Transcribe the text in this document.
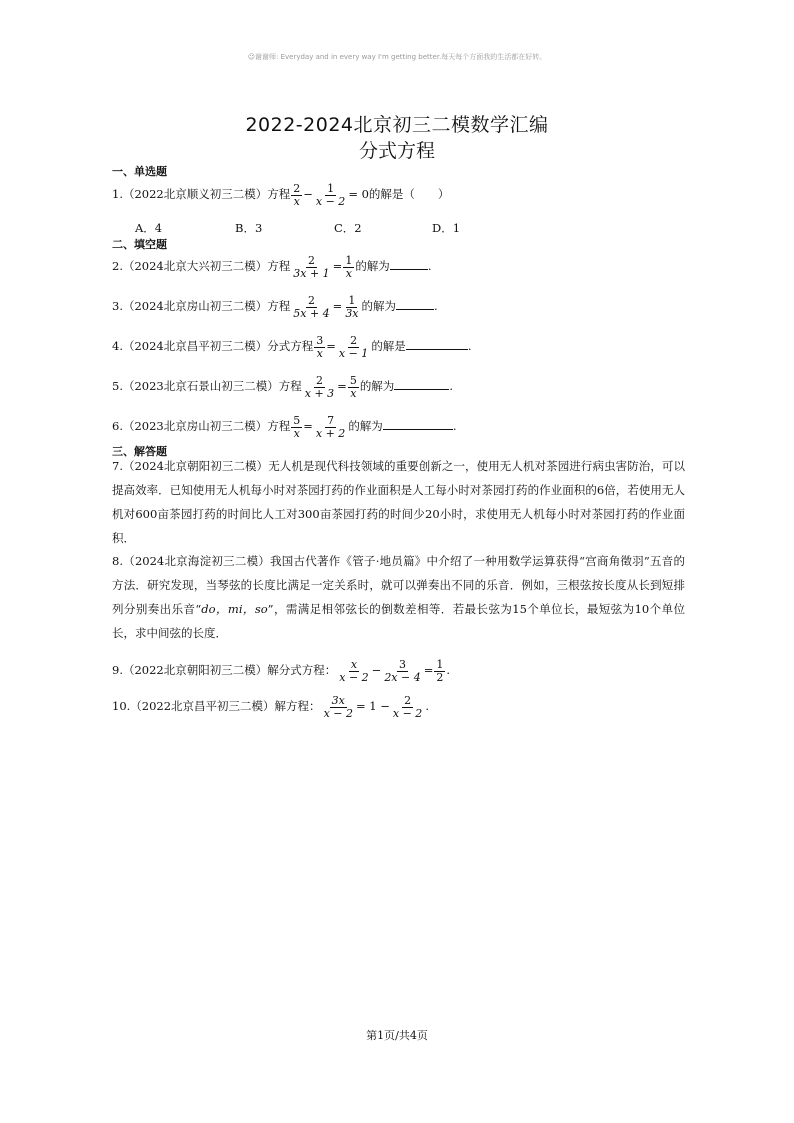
☺谢谢师: Everyday and in every way I'm getting better.每天每个方面我的生活都在好转。
2022-2024北京初三二模数学汇编
分式方程
一、单选题
1.（2022北京顺义初三二模）方程 $\frac{2}{x} - \frac{1}{x - 2} = 0$的解是（　　）
A．4	B．3	C．2	D．1
二、填空题
2.（2024北京大兴初三二模）方程 $\frac{2}{3x + 1} = \frac{1}{x}$ 的解为	.
3.（2024北京房山初三二模）方程 $\frac{2}{5x + 4} = \frac{1}{3x}$ 的解为	.
4.（2024北京昌平初三二模）分式方程 $\frac{3}{x} = \frac{2}{x - 1}$ 的解是	.
5.（2023北京石景山初三二模）方程 $\frac{2}{x + 3} = \frac{5}{x}$ 的解为	.
6.（2023北京房山初三二模）方程 $\frac{5}{x} = \frac{7}{x + 2}$ 的解为	.
三、解答题
7.（2024北京朝阳初三二模）无人机是现代科技领域的重要创新之一，使用无人机对茶园进行病虫害防治，可以提高效率．已知使用无人机每小时对茶园打药的作业面积是人工每小时对茶园打药的作业面积的6倍，若使用无人机对600亩茶园打药的时间比人工对300亩茶园打药的时间少20小时，求使用无人机每小时对茶园打药的作业面积．
8.（2024北京海淀初三二模）我国古代著作《管子·地员篇》中介绍了一种用数学运算获得“宫商角徵羽”五音的方法．研究发现，当琴弦的长度比满足一定关系时，就可以弹奏出不同的乐音．例如，三根弦按长度从长到短排列分别奏出乐音“do，mi，so”，需满足相邻弦长的倒数差相等．若最长弦为15个单位长，最短弦为10个单位长，求中间弦的长度．
9.（2022北京朝阳初三二模）解分式方程： $\frac{x}{x - 2} - \frac{3}{2x - 4} = \frac{1}{2}$ .
10.（2022北京昌平初三二模）解方程： $\frac{3x}{x - 2} = 1 - \frac{2}{x - 2}$ .
第1页/共4页
